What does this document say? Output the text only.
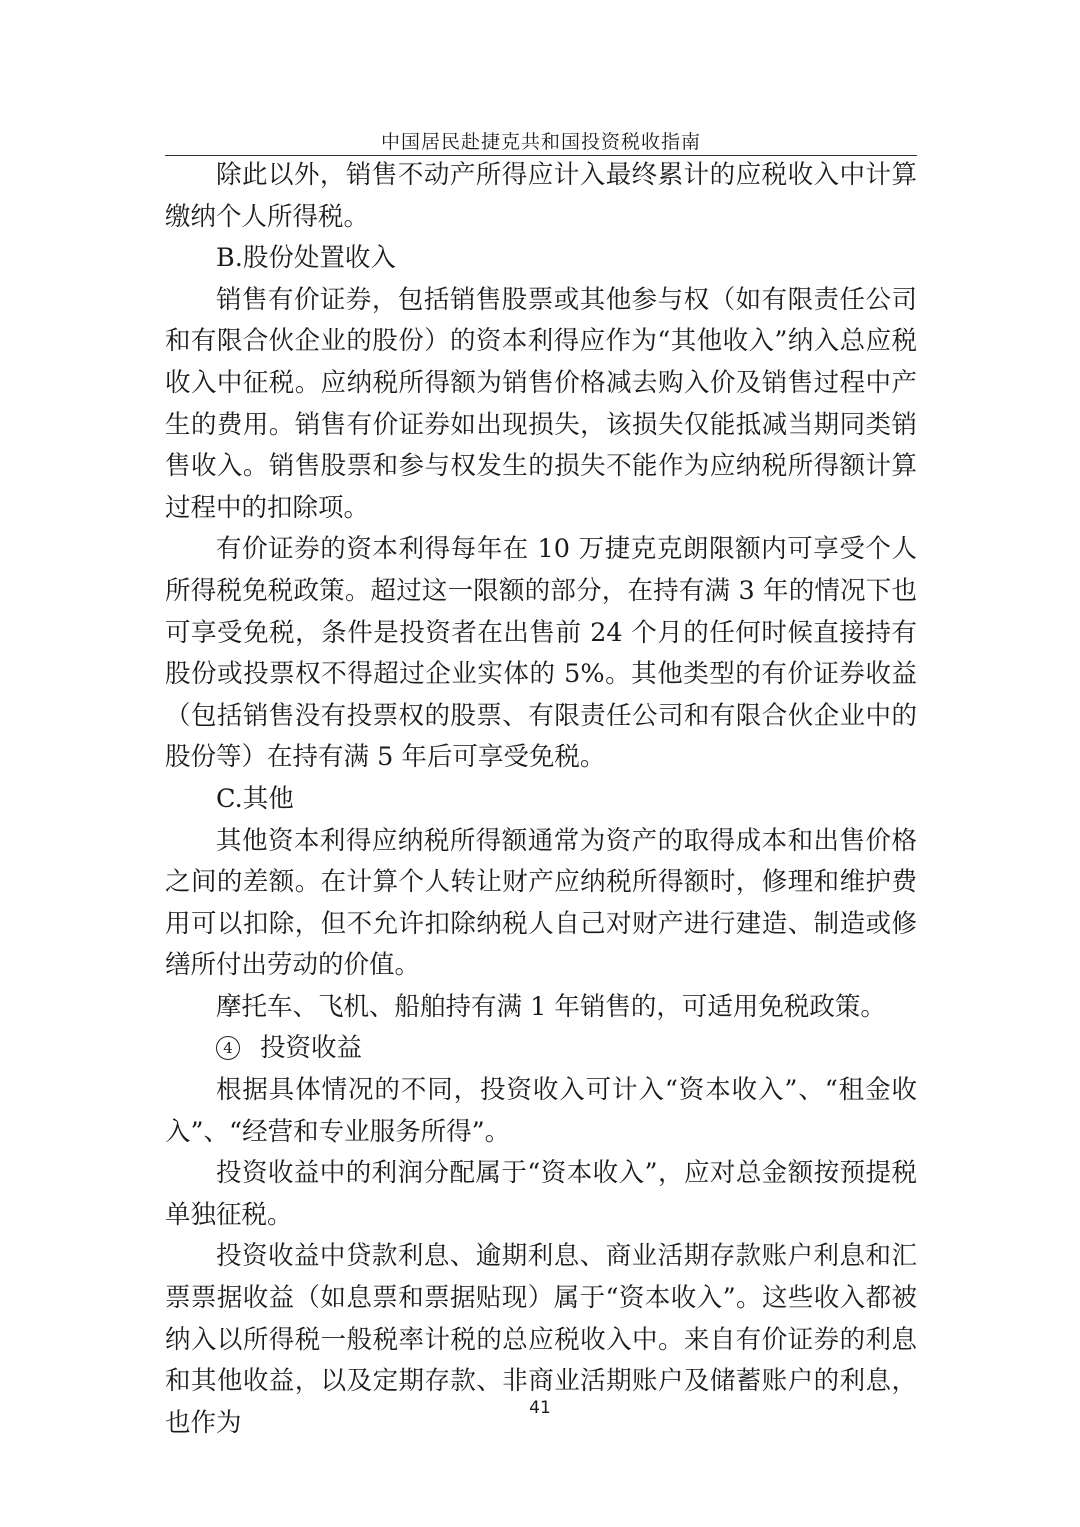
中国居民赴捷克共和国投资税收指南

除此以外，销售不动产所得应计入最终累计的应税收入中计算缴纳个人所得税。

B.股份处置收入

销售有价证券，包括销售股票或其他参与权（如有限责任公司和有限合伙企业的股份）的资本利得应作为“其他收入”纳入总应税收入中征税。应纳税所得额为销售价格减去购入价及销售过程中产生的费用。销售有价证券如出现损失，该损失仅能抵减当期同类销售收入。销售股票和参与权发生的损失不能作为应纳税所得额计算过程中的扣除项。

有价证券的资本利得每年在 10 万捷克克朗限额内可享受个人所得税免税政策。超过这一限额的部分，在持有满 3 年的情况下也可享受免税，条件是投资者在出售前 24 个月的任何时候直接持有股份或投票权不得超过企业实体的 5%。其他类型的有价证券收益（包括销售没有投票权的股票、有限责任公司和有限合伙企业中的股份等）在持有满 5 年后可享受免税。

C.其他

其他资本利得应纳税所得额通常为资产的取得成本和出售价格之间的差额。在计算个人转让财产应纳税所得额时，修理和维护费用可以扣除，但不允许扣除纳税人自己对财产进行建造、制造或修缮所付出劳动的价值。

摩托车、飞机、船舶持有满 1 年销售的，可适用免税政策。

4 投资收益

根据具体情况的不同，投资收入可计入“资本收入”、“租金收入”、“经营和专业服务所得”。

投资收益中的利润分配属于“资本收入”，应对总金额按预提税单独征税。

投资收益中贷款利息、逾期利息、商业活期存款账户利息和汇票票据收益（如息票和票据贴现）属于“资本收入”。这些收入都被纳入以所得税一般税率计税的总应税收入中。来自有价证券的利息和其他收益，以及定期存款、非商业活期账户及储蓄账户的利息，也作为	41
